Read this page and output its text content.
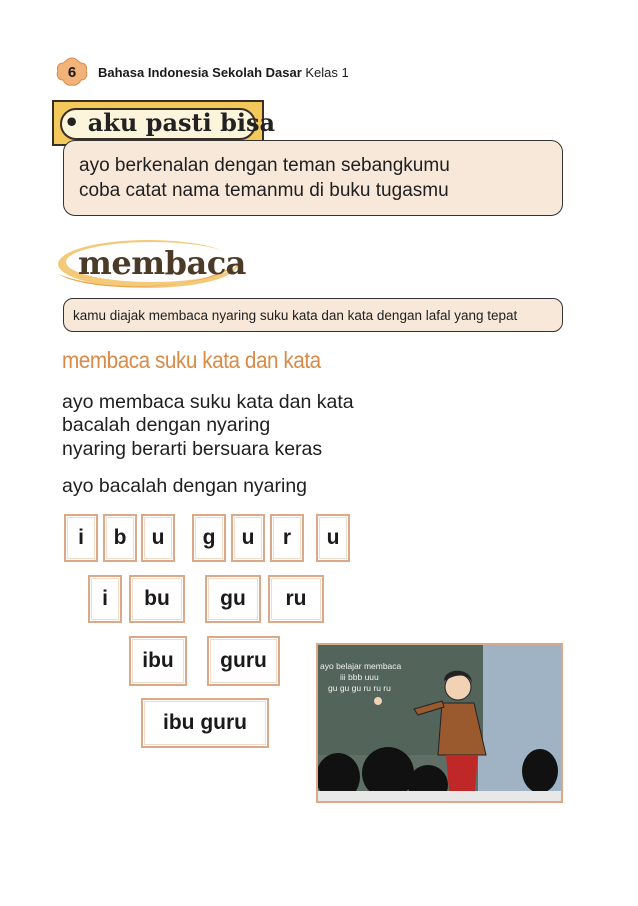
6	Bahasa Indonesia Sekolah Dasar Kelas 1
• aku pasti bisa
ayo berkenalan dengan teman sebangkumu
coba catat nama temanmu di buku tugasmu
membaca
kamu diajak membaca nyaring suku kata dan kata dengan lafal yang tepat
membaca suku kata dan kata
ayo membaca suku kata dan kata
bacalah dengan nyaring
nyaring berarti bersuara keras
ayo bacalah dengan nyaring
i	b	u	g	u	r	u
i	bu	gu	ru
ibu	guru
ibu guru
ayo belajar membaca
iii bbb uuu
gu gu gu ru ru ru
